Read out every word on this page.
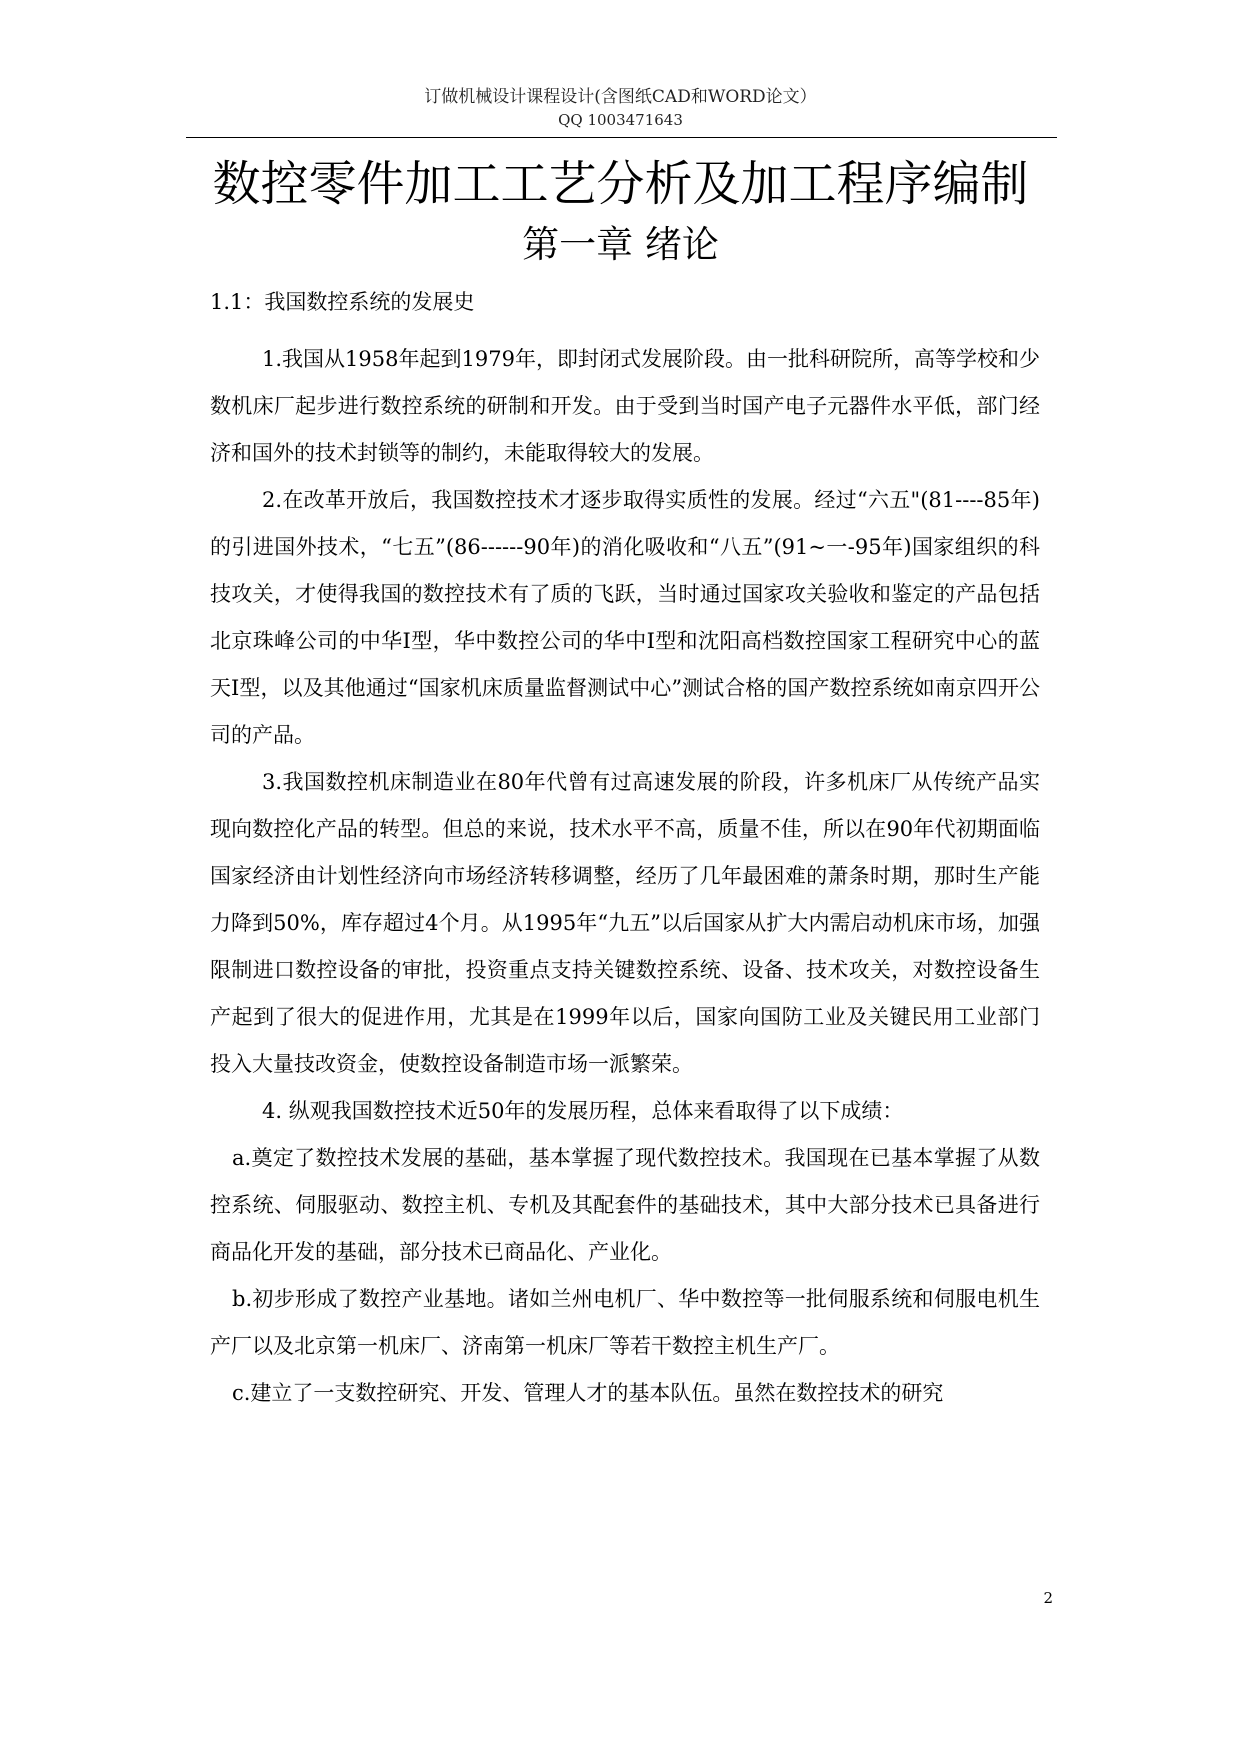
订做机械设计课程设计(含图纸CAD和WORD论文）
QQ 1003471643
数控零件加工工艺分析及加工程序编制
第一章 绪论
1.1：我国数控系统的发展史

1.我国从1958年起到1979年，即封闭式发展阶段。由一批科研院所，高等学校和少数机床厂起步进行数控系统的研制和开发。由于受到当时国产电子元器件水平低，部门经济和国外的技术封锁等的制约，未能取得较大的发展。

2.在改革开放后，我国数控技术才逐步取得实质性的发展。经过“六五"(81----85年)的引进国外技术，“七五”(86------90年)的消化吸收和“八五”(91~一-95年)国家组织的科技攻关，才使得我国的数控技术有了质的飞跃，当时通过国家攻关验收和鉴定的产品包括北京珠峰公司的中华I型，华中数控公司的华中I型和沈阳高档数控国家工程研究中心的蓝天I型，以及其他通过“国家机床质量监督测试中心”测试合格的国产数控系统如南京四开公司的产品。

3.我国数控机床制造业在80年代曾有过高速发展的阶段，许多机床厂从传统产品实现向数控化产品的转型。但总的来说，技术水平不高，质量不佳，所以在90年代初期面临国家经济由计划性经济向市场经济转移调整，经历了几年最困难的萧条时期，那时生产能力降到50%，库存超过4个月。从1995年“九五”以后国家从扩大内需启动机床市场，加强限制进口数控设备的审批，投资重点支持关键数控系统、设备、技术攻关，对数控设备生产起到了很大的促进作用，尤其是在1999年以后，国家向国防工业及关键民用工业部门投入大量技改资金，使数控设备制造市场一派繁荣。

4. 纵观我国数控技术近50年的发展历程，总体来看取得了以下成绩：

a.奠定了数控技术发展的基础，基本掌握了现代数控技术。我国现在已基本掌握了从数控系统、伺服驱动、数控主机、专机及其配套件的基础技术，其中大部分技术已具备进行商品化开发的基础，部分技术已商品化、产业化。

b.初步形成了数控产业基地。诸如兰州电机厂、华中数控等一批伺服系统和伺服电机生产厂以及北京第一机床厂、济南第一机床厂等若干数控主机生产厂。

c.建立了一支数控研究、开发、管理人才的基本队伍。虽然在数控技术的研究

2
